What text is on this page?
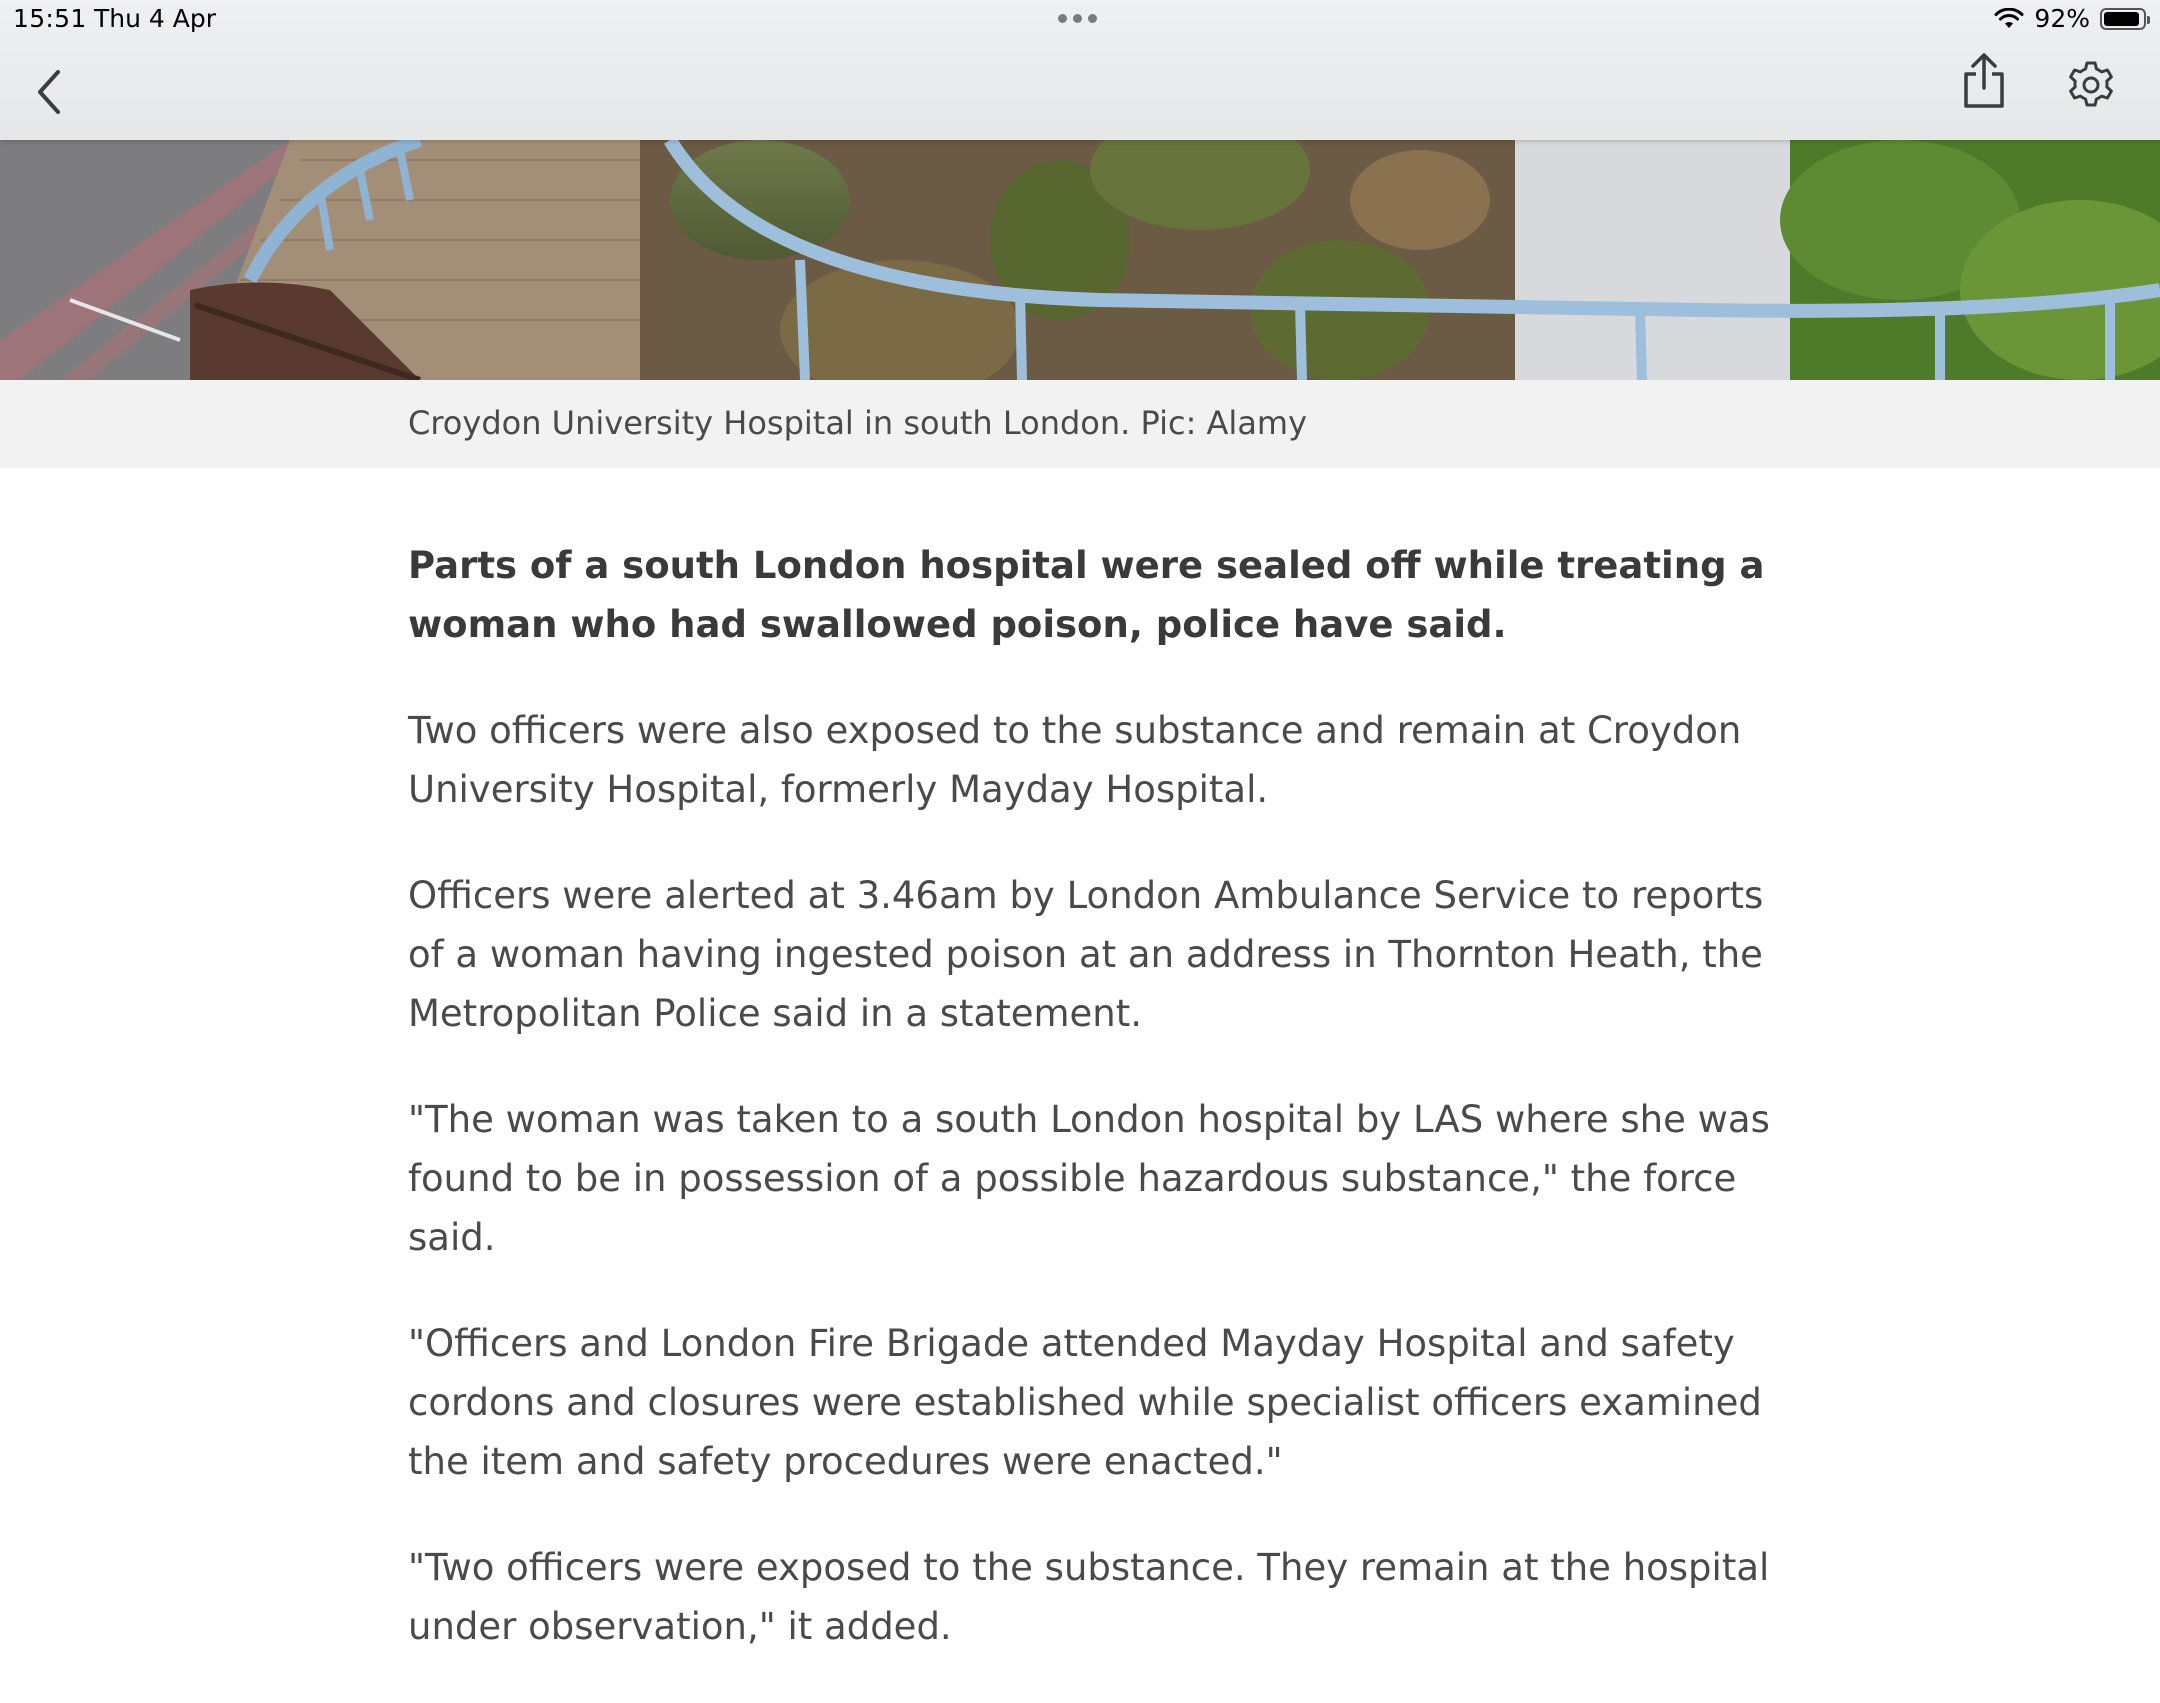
15:51 Thu 4 Apr	92%
Croydon University Hospital in south London. Pic: Alamy

Parts of a south London hospital were sealed off while treating a woman who had swallowed poison, police have said.

Two officers were also exposed to the substance and remain at Croydon University Hospital, formerly Mayday Hospital.

Officers were alerted at 3.46am by London Ambulance Service to reports of a woman having ingested poison at an address in Thornton Heath, the Metropolitan Police said in a statement.

"The woman was taken to a south London hospital by LAS where she was found to be in possession of a possible hazardous substance," the force said.

"Officers and London Fire Brigade attended Mayday Hospital and safety cordons and closures were established while specialist officers examined the item and safety procedures were enacted."

"Two officers were exposed to the substance. They remain at the hospital under observation," it added.
